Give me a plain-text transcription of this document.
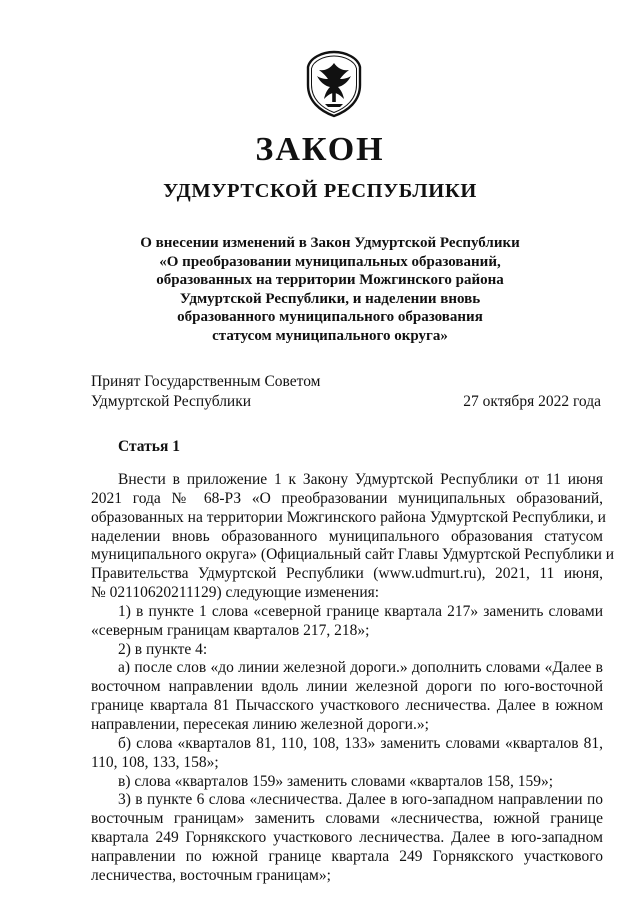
ЗАКОН
УДМУРТСКОЙ РЕСПУБЛИКИ
О внесении изменений в Закон Удмуртской Республики
«О преобразовании муниципальных образований,
образованных на территории Можгинского района
Удмуртской Республики, и наделении вновь
образованного муниципального образования
статусом муниципального округа»
Принят Государственным Советом
Удмуртской Республики	27 октября 2022 года
Статья 1
Внести в приложение 1 к Закону Удмуртской Республики от 11 июня
2021 года № 68-РЗ «О преобразовании муниципальных образований,
образованных на территории Можгинского района Удмуртской Республики, и
наделении вновь образованного муниципального образования статусом
муниципального округа» (Официальный сайт Главы Удмуртской Республики и
Правительства Удмуртской Республики (www.udmurt.ru), 2021, 11 июня,
№ 02110620211129) следующие изменения:
1) в пункте 1 слова «северной границе квартала 217» заменить словами
«северным границам кварталов 217, 218»;
2) в пункте 4:
а) после слов «до линии железной дороги.» дополнить словами «Далее в
восточном направлении вдоль линии железной дороги по юго-восточной
границе квартала 81 Пычасского участкового лесничества. Далее в южном
направлении, пересекая линию железной дороги.»;
б) слова «кварталов 81, 110, 108, 133» заменить словами «кварталов 81,
110, 108, 133, 158»;
в) слова «кварталов 159» заменить словами «кварталов 158, 159»;
3) в пункте 6 слова «лесничества. Далее в юго-западном направлении по
восточным границам» заменить словами «лесничества, южной границе
квартала 249 Горнякского участкового лесничества. Далее в юго-западном
направлении по южной границе квартала 249 Горнякского участкового
лесничества, восточным границам»;
